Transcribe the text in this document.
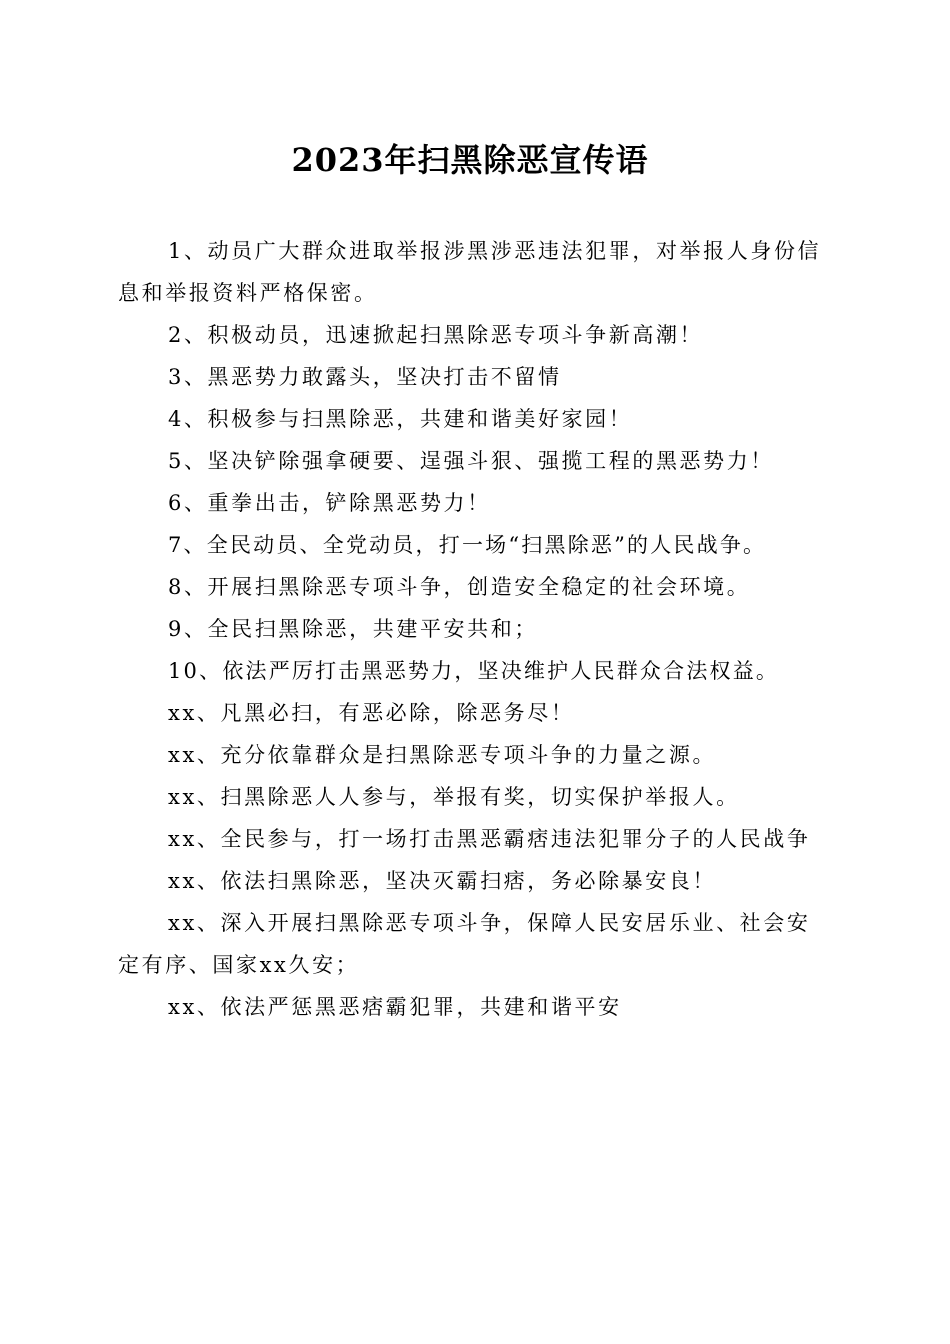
2023年扫黑除恶宣传语

1、动员广大群众进取举报涉黑涉恶违法犯罪，对举报人身份信息和举报资料严格保密。

2、积极动员，迅速掀起扫黑除恶专项斗争新高潮！

3、黑恶势力敢露头，坚决打击不留情

4、积极参与扫黑除恶，共建和谐美好家园！

5、坚决铲除强拿硬要、逞强斗狠、强揽工程的黑恶势力！

6、重拳出击，铲除黑恶势力！

7、全民动员、全党动员，打一场“扫黑除恶”的人民战争。

8、开展扫黑除恶专项斗争，创造安全稳定的社会环境。

9、全民扫黑除恶，共建平安共和；

10、依法严厉打击黑恶势力，坚决维护人民群众合法权益。

xx、凡黑必扫，有恶必除，除恶务尽！

xx、充分依靠群众是扫黑除恶专项斗争的力量之源。

xx、扫黑除恶人人参与，举报有奖，切实保护举报人。

xx、全民参与，打一场打击黑恶霸痞违法犯罪分子的人民战争

xx、依法扫黑除恶，坚决灭霸扫痞，务必除暴安良！

xx、深入开展扫黑除恶专项斗争，保障人民安居乐业、社会安定有序、国家xx久安；

xx、依法严惩黑恶痞霸犯罪，共建和谐平安
